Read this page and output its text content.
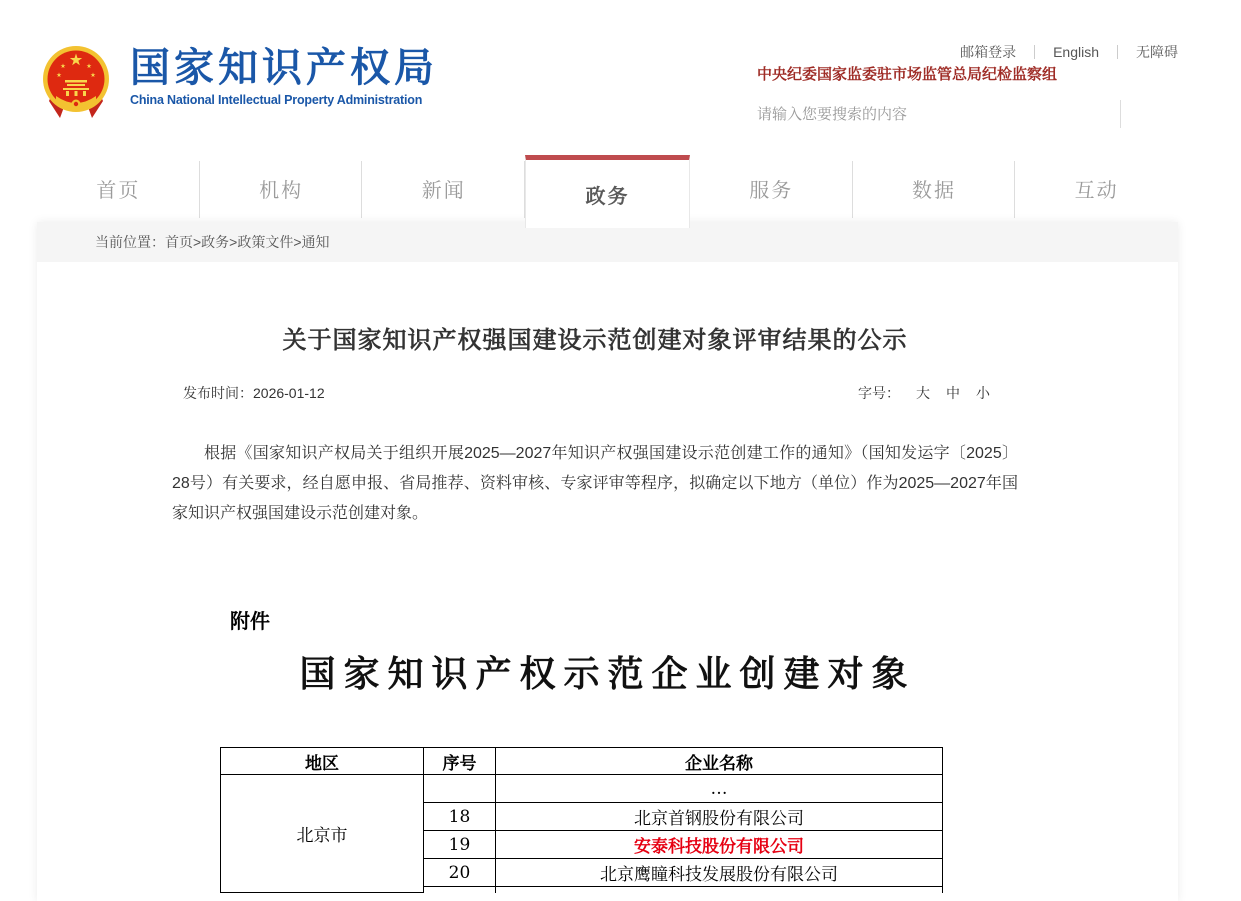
国家知识产权局
China National Intellectual Property Administration
邮箱登录	English	无障碍
中央纪委国家监委驻市场监管总局纪检监察组
请输入您要搜索的内容
首页	机构	新闻	政务	服务	数据	互动
当前位置： 首页>政务>政策文件>通知
关于国家知识产权强国建设示范创建对象评审结果的公示
发布时间：2026-01-12	字号： 大 中 小

根据《国家知识产权局关于组织开展2025—2027年知识产权强国建设示范创建工作的通知》（国知发运字〔2025〕28号）有关要求，经自愿申报、省局推荐、资料审核、专家评审等程序，拟确定以下地方（单位）作为2025—2027年国家知识产权强国建设示范创建对象。

附件
国家知识产权示范企业创建对象
地区	序号	企业名称
北京市		…
	18	北京首钢股份有限公司
	19	安泰科技股份有限公司
	20	北京鹰瞳科技发展股份有限公司
